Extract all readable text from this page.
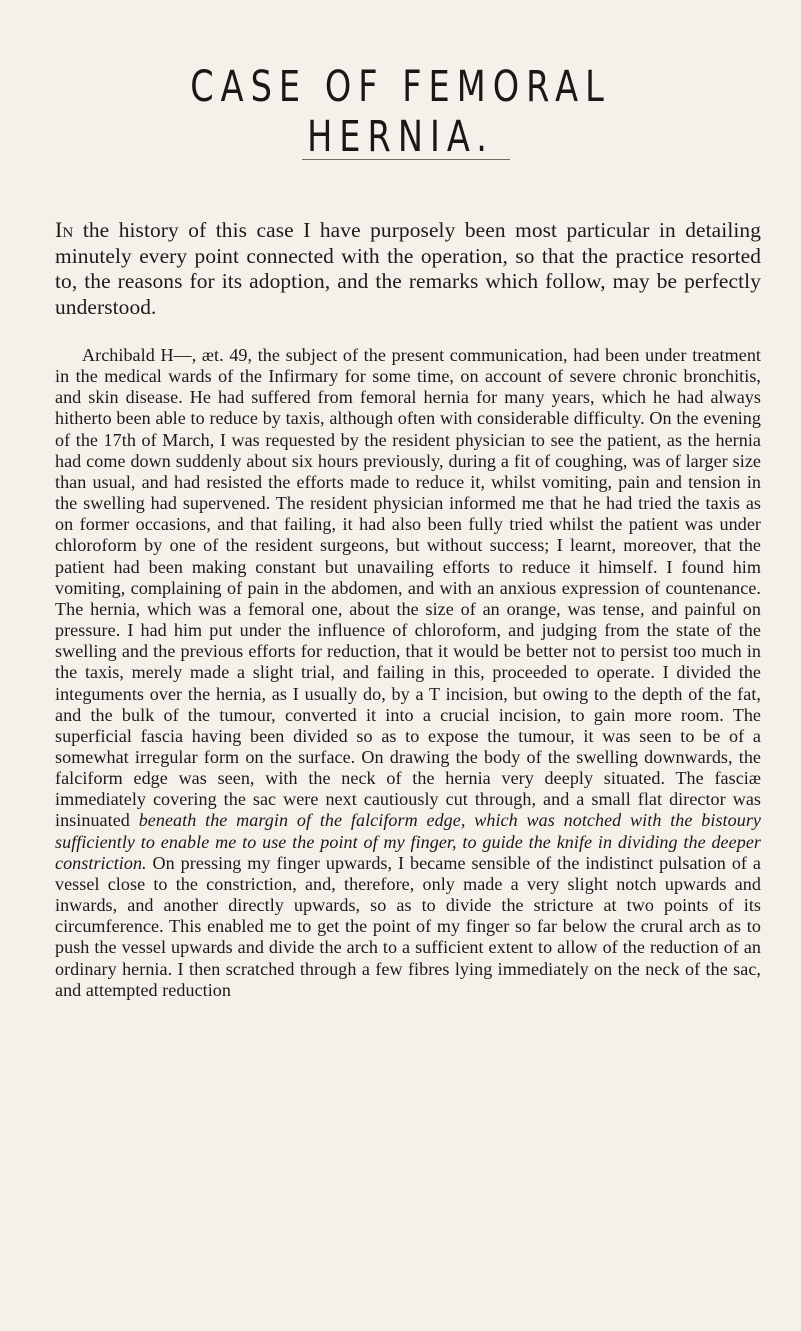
CASE OF FEMORAL HERNIA.

In the history of this case I have purposely been most particular in detailing minutely every point connected with the operation, so that the practice resorted to, the reasons for its adoption, and the remarks which follow, may be perfectly understood.

Archibald H—, æt. 49, the subject of the present communication, had been under treatment in the medical wards of the Infirmary for some time, on account of severe chronic bronchitis, and skin disease. He had suffered from femoral hernia for many years, which he had always hitherto been able to reduce by taxis, although often with considerable difficulty. On the evening of the 17th of March, I was requested by the resident physician to see the patient, as the hernia had come down suddenly about six hours previously, during a fit of coughing, was of larger size than usual, and had resisted the efforts made to reduce it, whilst vomiting, pain and tension in the swelling had supervened. The resident physician informed me that he had tried the taxis as on former occasions, and that failing, it had also been fully tried whilst the patient was under chloroform by one of the resident surgeons, but without success; I learnt, moreover, that the patient had been making constant but unavailing efforts to reduce it himself. I found him vomiting, complaining of pain in the abdomen, and with an anxious expression of countenance. The hernia, which was a femoral one, about the size of an orange, was tense, and painful on pressure. I had him put under the influence of chloroform, and judging from the state of the swelling and the previous efforts for reduction, that it would be better not to persist too much in the taxis, merely made a slight trial, and failing in this, proceeded to operate. I divided the integuments over the hernia, as I usually do, by a T incision, but owing to the depth of the fat, and the bulk of the tumour, converted it into a crucial incision, to gain more room. The superficial fascia having been divided so as to expose the tumour, it was seen to be of a somewhat irregular form on the surface. On drawing the body of the swelling downwards, the falciform edge was seen, with the neck of the hernia very deeply situated. The fasciæ immediately covering the sac were next cautiously cut through, and a small flat director was insinuated beneath the margin of the falciform edge, which was notched with the bistoury sufficiently to enable me to use the point of my finger, to guide the knife in dividing the deeper constriction. On pressing my finger upwards, I became sensible of the indistinct pulsation of a vessel close to the constriction, and, therefore, only made a very slight notch upwards and inwards, and another directly upwards, so as to divide the stricture at two points of its circumference. This enabled me to get the point of my finger so far below the crural arch as to push the vessel upwards and divide the arch to a sufficient extent to allow of the reduction of an ordinary hernia. I then scratched through a few fibres lying immediately on the neck of the sac, and attempted reduction
